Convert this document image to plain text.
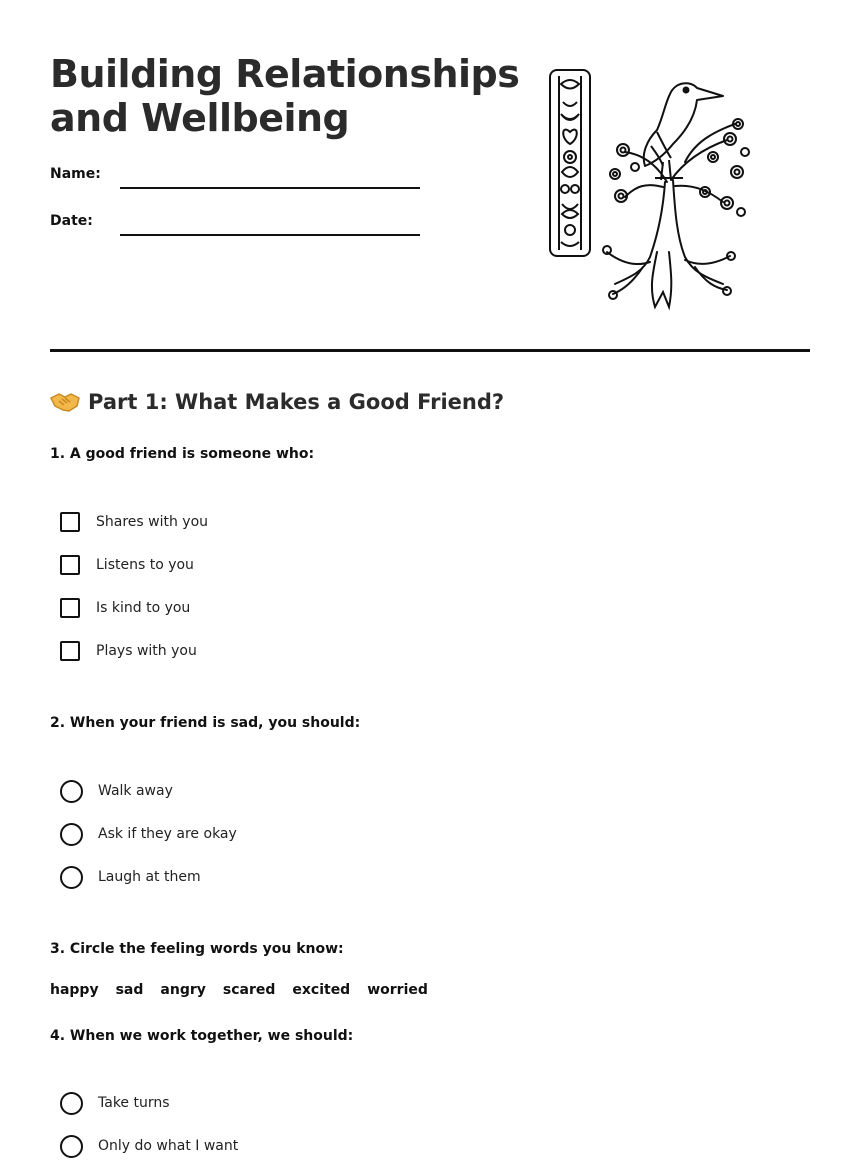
Building Relationships
and Wellbeing
Name:
Date:
Part 1: What Makes a Good Friend?
1. A good friend is someone who:
Shares with you
Listens to you
Is kind to you
Plays with you
2. When your friend is sad, you should:
Walk away
Ask if they are okay
Laugh at them
3. Circle the feeling words you know:
happy sad angry scared excited worried
4. When we work together, we should:
Take turns
Only do what I want
